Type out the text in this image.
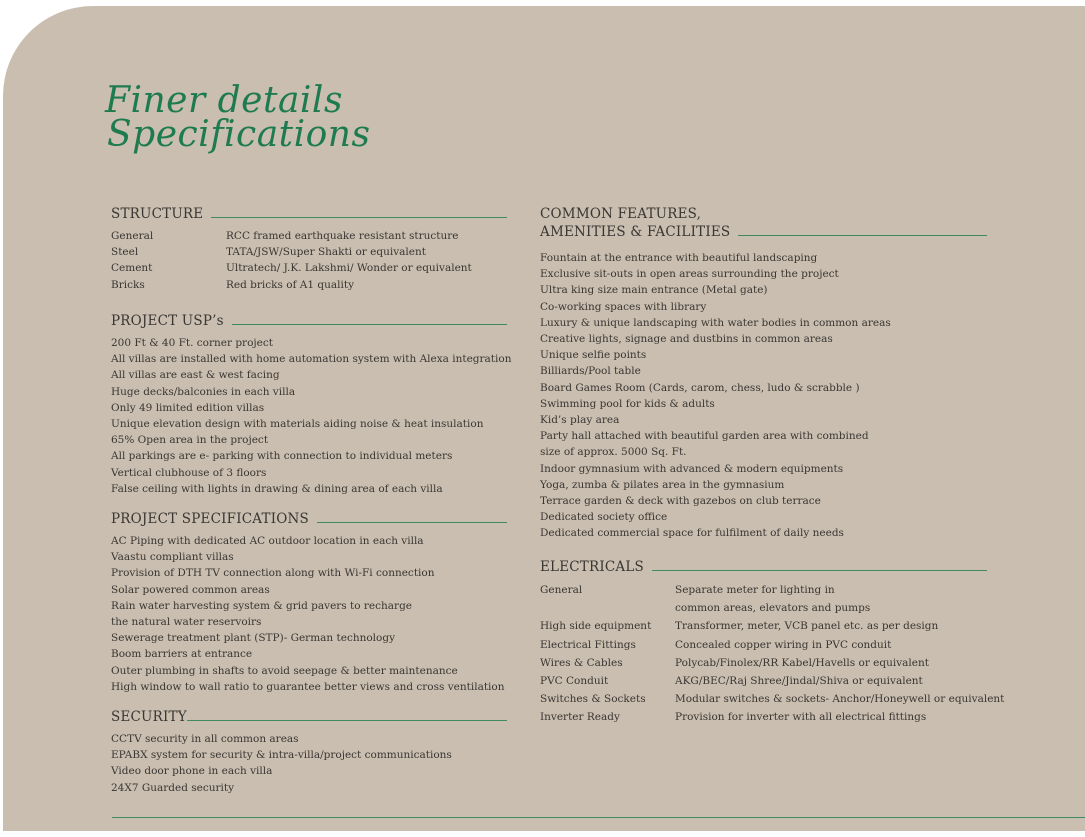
Finer details
Specifications
STRUCTURE
General	RCC framed earthquake resistant structure
Steel	TATA/JSW/Super Shakti or equivalent
Cement	Ultratech/ J.K. Lakshmi/ Wonder or equivalent
Bricks	Red bricks of A1 quality
PROJECT USP’s
200 Ft & 40 Ft. corner project
All villas are installed with home automation system with Alexa integration
All villas are east & west facing
Huge decks/balconies in each villa
Only 49 limited edition villas
Unique elevation design with materials aiding noise & heat insulation
65% Open area in the project
All parkings are e- parking with connection to individual meters
Vertical clubhouse of 3 floors
False ceiling with lights in drawing & dining area of each villa
PROJECT SPECIFICATIONS
AC Piping with dedicated AC outdoor location in each villa
Vaastu compliant villas
Provision of DTH TV connection along with Wi-Fi connection
Solar powered common areas
Rain water harvesting system & grid pavers to recharge
the natural water reservoirs
Sewerage treatment plant (STP)- German technology
Boom barriers at entrance
Outer plumbing in shafts to avoid seepage & better maintenance
High window to wall ratio to guarantee better views and cross ventilation
SECURITY
CCTV security in all common areas
EPABX system for security & intra-villa/project communications
Video door phone in each villa
24X7 Guarded security
COMMON FEATURES,
AMENITIES & FACILITIES
Fountain at the entrance with beautiful landscaping
Exclusive sit-outs in open areas surrounding the project
Ultra king size main entrance (Metal gate)
Co-working spaces with library
Luxury & unique landscaping with water bodies in common areas
Creative lights, signage and dustbins in common areas
Unique selfie points
Billiards/Pool table
Board Games Room (Cards, carom, chess, ludo & scrabble )
Swimming pool for kids & adults
Kid’s play area
Party hall attached with beautiful garden area with combined
size of approx. 5000 Sq. Ft.
Indoor gymnasium with advanced & modern equipments
Yoga, zumba & pilates area in the gymnasium
Terrace garden & deck with gazebos on club terrace
Dedicated society office
Dedicated commercial space for fulfilment of daily needs
ELECTRICALS
General	Separate meter for lighting in
common areas, elevators and pumps
High side equipment	Transformer, meter, VCB panel etc. as per design
Electrical Fittings	Concealed copper wiring in PVC conduit
Wires & Cables	Polycab/Finolex/RR Kabel/Havells or equivalent
PVC Conduit	AKG/BEC/Raj Shree/Jindal/Shiva or equivalent
Switches & Sockets	Modular switches & sockets- Anchor/Honeywell or equivalent
Inverter Ready	Provision for inverter with all electrical fittings
